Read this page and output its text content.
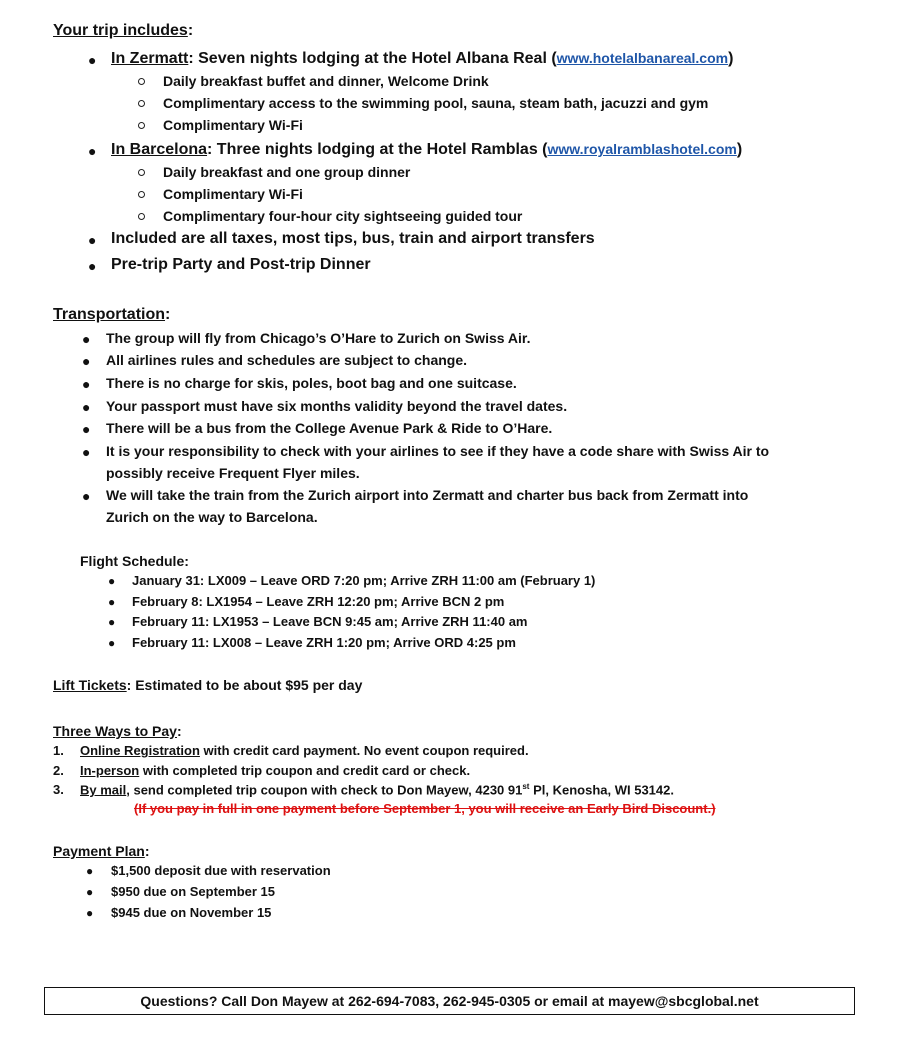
Your trip includes:
● In Zermatt: Seven nights lodging at the Hotel Albana Real (www.hotelalbanareal.com)
Daily breakfast buffet and dinner, Welcome Drink
Complimentary access to the swimming pool, sauna, steam bath, jacuzzi and gym
Complimentary Wi-Fi
● In Barcelona: Three nights lodging at the Hotel Ramblas (www.royalramblashotel.com)
Daily breakfast and one group dinner
Complimentary Wi-Fi
Complimentary four-hour city sightseeing guided tour
● Included are all taxes, most tips, bus, train and airport transfers
● Pre-trip Party and Post-trip Dinner
Transportation:
● The group will fly from Chicago’s O’Hare to Zurich on Swiss Air.
● All airlines rules and schedules are subject to change.
● There is no charge for skis, poles, boot bag and one suitcase.
● Your passport must have six months validity beyond the travel dates.
● There will be a bus from the College Avenue Park & Ride to O’Hare.
● It is your responsibility to check with your airlines to see if they have a code share with Swiss Air to
possibly receive Frequent Flyer miles.
● We will take the train from the Zurich airport into Zermatt and charter bus back from Zermatt into
Zurich on the way to Barcelona.
Flight Schedule:
● January 31: LX009 – Leave ORD 7:20 pm; Arrive ZRH 11:00 am (February 1)
● February 8: LX1954 – Leave ZRH 12:20 pm; Arrive BCN 2 pm
● February 11: LX1953 – Leave BCN 9:45 am; Arrive ZRH 11:40 am
● February 11: LX008 – Leave ZRH 1:20 pm; Arrive ORD 4:25 pm
Lift Tickets: Estimated to be about $95 per day
Three Ways to Pay:
1. Online Registration with credit card payment. No event coupon required.
2. In-person with completed trip coupon and credit card or check.
3. By mail, send completed trip coupon with check to Don Mayew, 4230 91st Pl, Kenosha, WI 53142.
(If you pay in full in one payment before September 1, you will receive an Early Bird Discount.)
Payment Plan:
● $1,500 deposit due with reservation
● $950 due on September 15
● $945 due on November 15
Questions? Call Don Mayew at 262-694-7083, 262-945-0305 or email at mayew@sbcglobal.net
